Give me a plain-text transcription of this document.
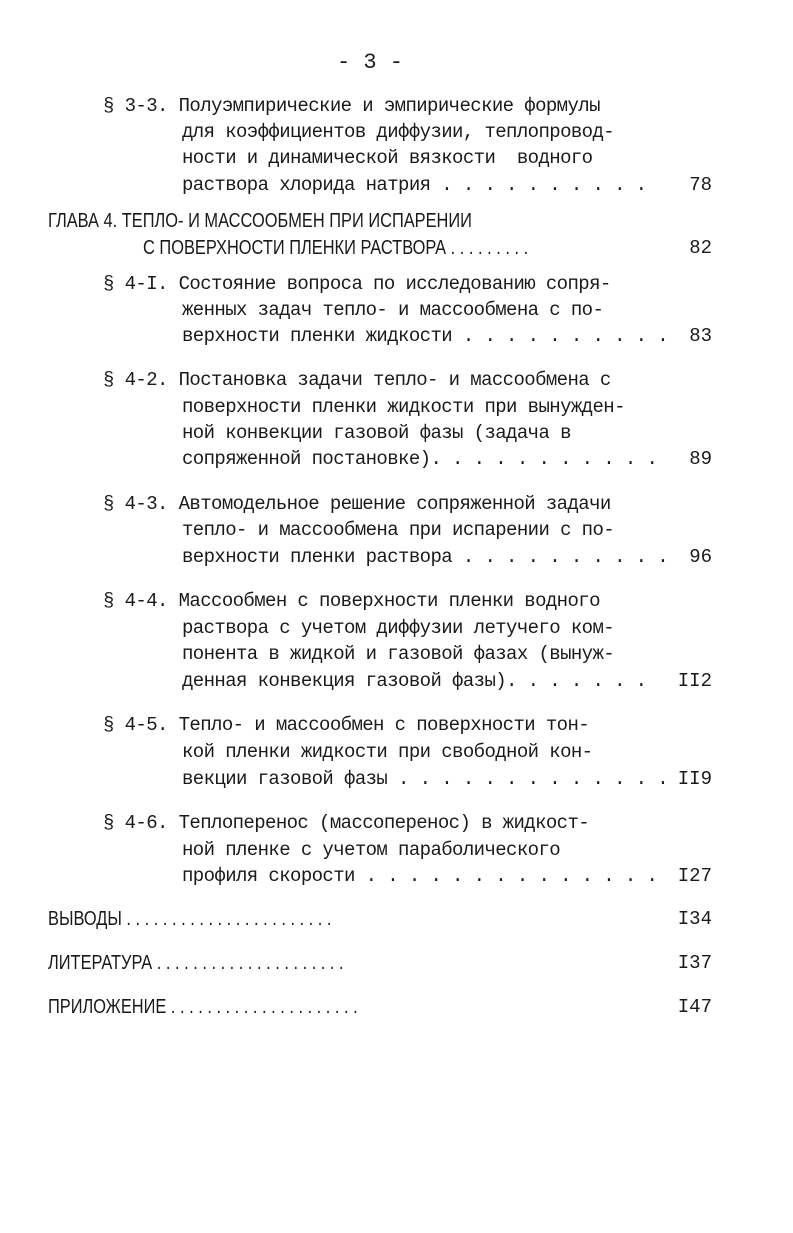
- 3 -
§ 3-3. Полуэмпирические и эмпирические формулы
для коэффициентов диффузии, теплопровод-
ности и динамической вязкости  водного
раствора хлорида натрия . . . . . . . . . .	78
ГЛАВА 4. ТЕПЛО- И МАССООБМЕН ПРИ ИСПАРЕНИИ
С ПОВЕРХНОСТИ ПЛЕНКИ РАСТВОРА . . . . . . . . .	82
§ 4-I. Состояние вопроса по исследованию сопря-
женных задач тепло- и массообмена с по-
верхности пленки жидкости . . . . . . . . . .	83
§ 4-2. Постановка задачи тепло- и массообмена с
поверхности пленки жидкости при вынужден-
ной конвекции газовой фазы (задача в
сопряженной постановке). . . . . . . . . . .	89
§ 4-3. Автомодельное решение сопряженной задачи
тепло- и массообмена при испарении с по-
верхности пленки раствора . . . . . . . . . .	96
§ 4-4. Массообмен с поверхности пленки водного
раствора с учетом диффузии летучего ком-
понента в жидкой и газовой фазах (вынуж-
денная конвекция газовой фазы). . . . . . .	II2
§ 4-5. Тепло- и массообмен с поверхности тон-
кой пленки жидкости при свободной кон-
векции газовой фазы . . . . . . . . . . . . . II9
§ 4-6. Теплоперенос (массоперенос) в жидкост-
ной пленке с учетом параболического
профиля скорости . . . . . . . . . . . . . .	I27
ВЫВОДЫ . . . . . . . . . . . . . . . . . . . . . . .	I34
ЛИТЕРАТУРА . . . . . . . . . . . . . . . . . . . . .	I37
ПРИЛОЖЕНИЕ . . . . . . . . . . . . . . . . . . . . .	I47
